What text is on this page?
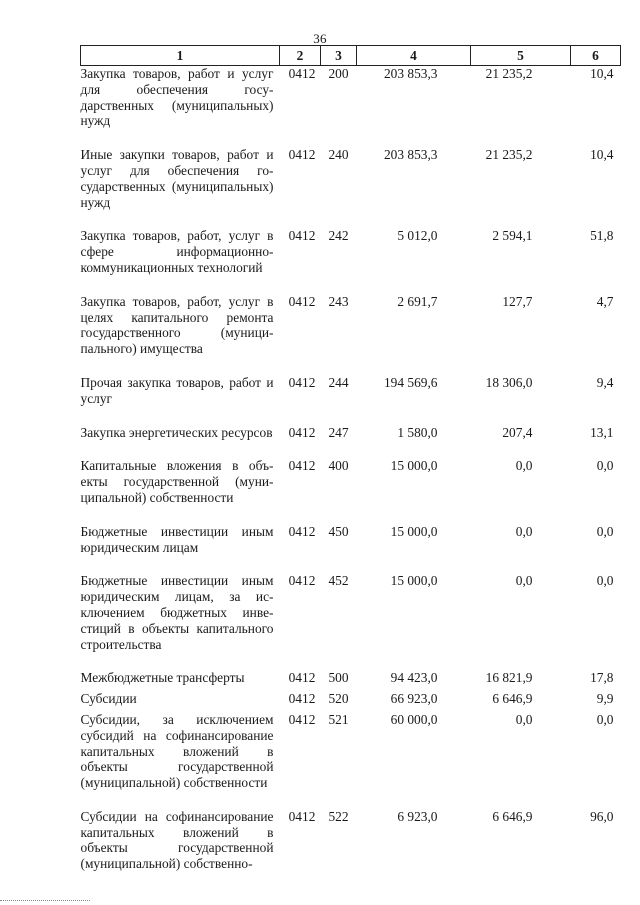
36
1	2	3	4	5	6
Закупка товаров, работ и услуг для обеспечения государственных (муниципальных) нужд	0412	200	203 853,3	21 235,2	10,4
Иные закупки товаров, работ и услуг для обеспечения государственных (муниципальных) нужд	0412	240	203 853,3	21 235,2	10,4
Закупка товаров, работ, услуг в сфере информационно-коммуникационных технологий	0412	242	5 012,0	2 594,1	51,8
Закупка товаров, работ, услуг в целях капитального ремонта государственного (муниципального) имущества	0412	243	2 691,7	127,7	4,7
Прочая закупка товаров, работ и услуг	0412	244	194 569,6	18 306,0	9,4
Закупка энергетических ресурсов	0412	247	1 580,0	207,4	13,1
Капитальные вложения в объекты государственной (муниципальной) собственности	0412	400	15 000,0	0,0	0,0
Бюджетные инвестиции иным юридическим лицам	0412	450	15 000,0	0,0	0,0
Бюджетные инвестиции иным юридическим лицам, за исключением бюджетных инвестиций в объекты капитального строительства	0412	452	15 000,0	0,0	0,0
Межбюджетные трансферты	0412	500	94 423,0	16 821,9	17,8
Субсидии	0412	520	66 923,0	6 646,9	9,9
Субсидии, за исключением субсидий на софинансирование капитальных вложений в объекты государственной (муниципальной) собственности	0412	521	60 000,0	0,0	0,0
Субсидии на софинансирование капитальных вложений в объекты государственной (муниципальной) собственно-	0412	522	6 923,0	6 646,9	96,0
